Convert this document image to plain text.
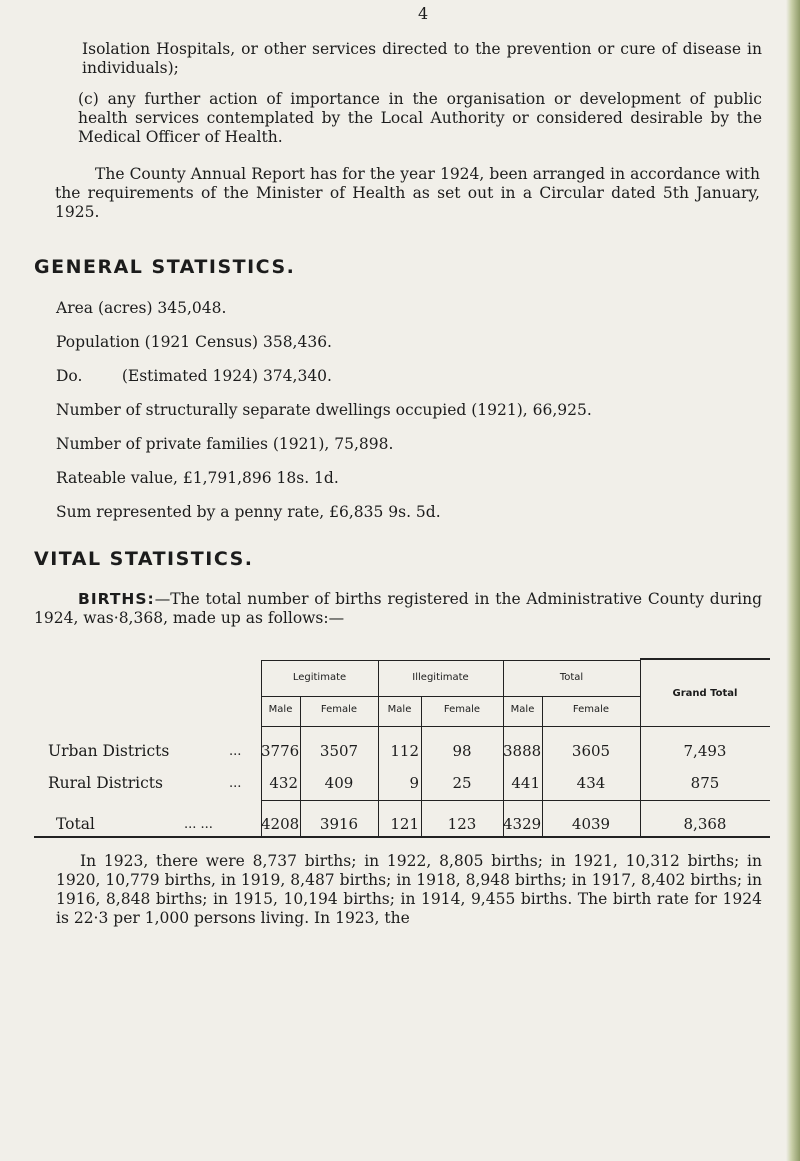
4

Isolation Hospitals, or other services directed to the prevention or cure of disease in individuals);

(c) any further action of importance in the organisation or development of public health services contemplated by the Local Authority or considered desirable by the Medical Officer of Health.

The County Annual Report has for the year 1924, been arranged in accordance with the requirements of the Minister of Health as set out in a Circular dated 5th January, 1925.

GENERAL STATISTICS.
Area (acres) 345,048.
Population (1921 Census) 358,436.
Do.        (Estimated 1924) 374,340.
Number of structurally separate dwellings occupied (1921), 66,925.
Number of private families (1921), 75,898.
Rateable value, £1,791,896 18s. 1d.
Sum represented by a penny rate, £6,835 9s. 5d.
VITAL STATISTICS.

BIRTHS:—The total number of births registered in the Administrative County during 1924, was·8,368, made up as follows:—

Legitimate	Illegitimate	Total
Grand Total
Male	Female	Male	Female	Male	Female
Urban Districts	... 3776	3507	112	98	3888	3605	7,493
Rural Districts	...	432	409	9	25	441	434	875
Total	... ...	4208	3916	121	123	4329	4039	8,368

In 1923, there were 8,737 births; in 1922, 8,805 births; in 1921, 10,312 births; in 1920, 10,779 births, in 1919, 8,487 births; in 1918, 8,948 births; in 1917, 8,402 births; in 1916, 8,848 births; in 1915, 10,194 births; in 1914, 9,455 births. The birth rate for 1924 is 22·3 per 1,000 persons living. In 1923, the
